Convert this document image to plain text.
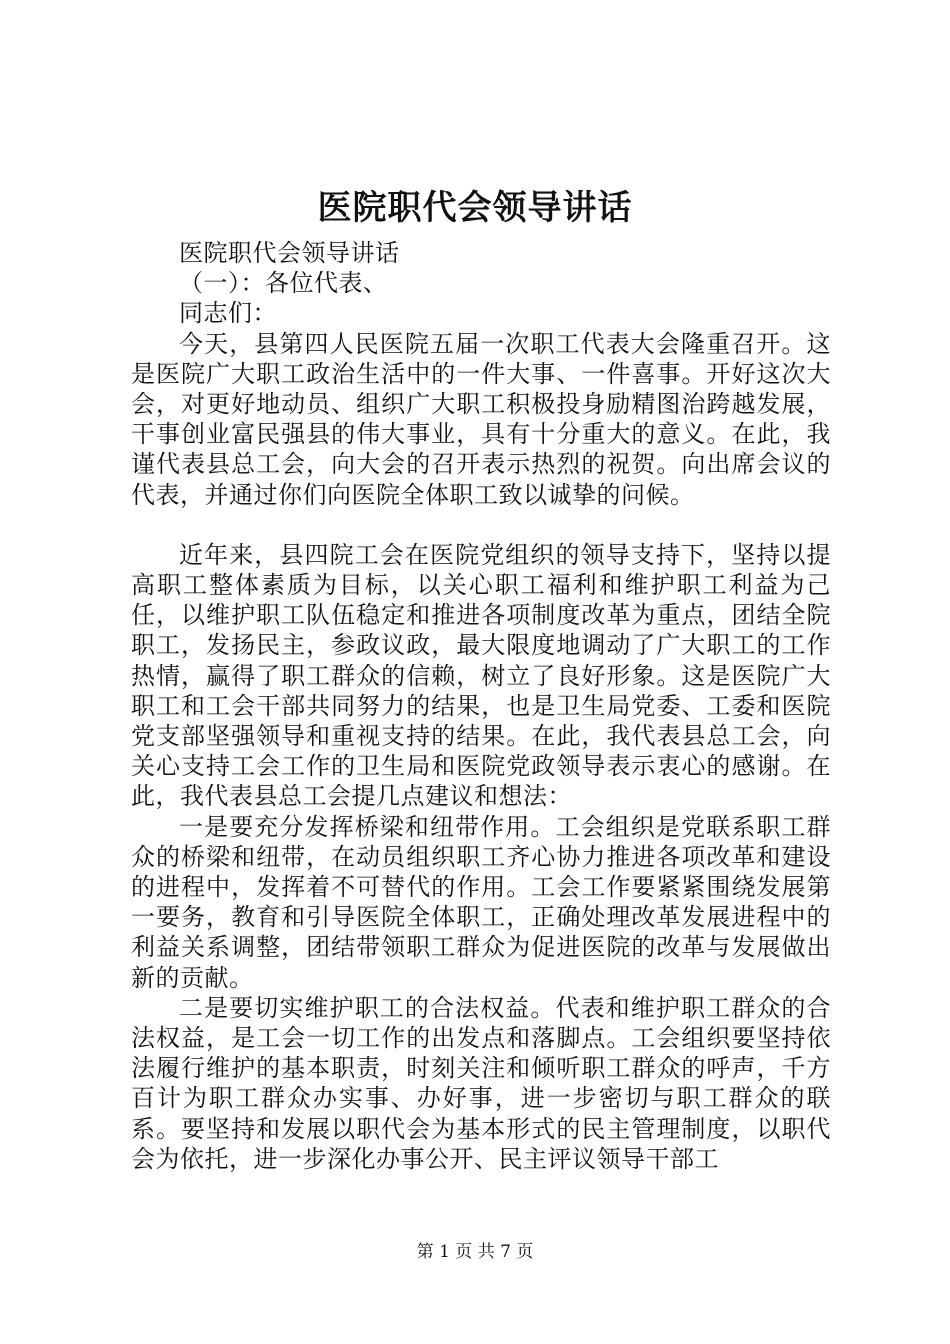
医院职代会领导讲话

医院职代会领导讲话

（一）：各位代表、

同志们：

今天，县第四人民医院五届一次职工代表大会隆重召开。这是医院广大职工政治生活中的一件大事、一件喜事。开好这次大会，对更好地动员、组织广大职工积极投身励精图治跨越发展，干事创业富民强县的伟大事业，具有十分重大的意义。在此，我谨代表县总工会，向大会的召开表示热烈的祝贺。向出席会议的代表，并通过你们向医院全体职工致以诚挚的问候。

近年来，县四院工会在医院党组织的领导支持下，坚持以提高职工整体素质为目标，以关心职工福利和维护职工利益为己任，以维护职工队伍稳定和推进各项制度改革为重点，团结全院职工，发扬民主，参政议政，最大限度地调动了广大职工的工作热情，赢得了职工群众的信赖，树立了良好形象。这是医院广大职工和工会干部共同努力的结果，也是卫生局党委、工委和医院党支部坚强领导和重视支持的结果。在此，我代表县总工会，向关心支持工会工作的卫生局和医院党政领导表示衷心的感谢。在此，我代表县总工会提几点建议和想法：

一是要充分发挥桥梁和纽带作用。工会组织是党联系职工群众的桥梁和纽带，在动员组织职工齐心协力推进各项改革和建设的进程中，发挥着不可替代的作用。工会工作要紧紧围绕发展第一要务，教育和引导医院全体职工，正确处理改革发展进程中的利益关系调整，团结带领职工群众为促进医院的改革与发展做出新的贡献。

二是要切实维护职工的合法权益。代表和维护职工群众的合法权益，是工会一切工作的出发点和落脚点。工会组织要坚持依法履行维护的基本职责，时刻关注和倾听职工群众的呼声，千方百计为职工群众办实事、办好事，进一步密切与职工群众的联系。要坚持和发展以职代会为基本形式的民主管理制度，以职代会为依托，进一步深化办事公开、民主评议领导干部工

第 1 页 共 7 页
